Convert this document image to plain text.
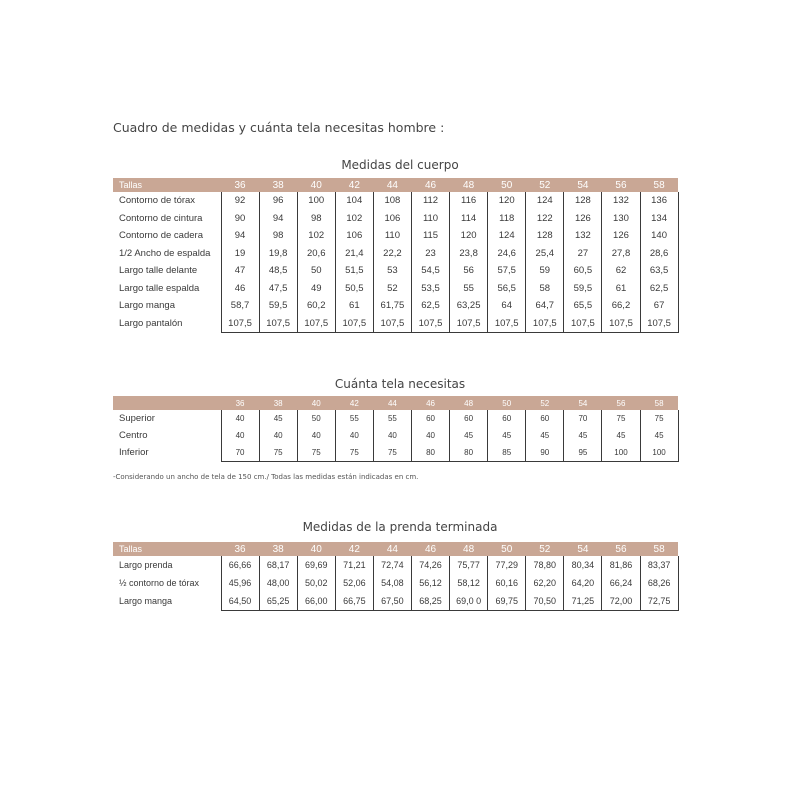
Cuadro de medidas y cuánta tela necesitas hombre :
Medidas del cuerpo
Tallas	36	38	40	42	44	46	48	50	52	54	56	58
Contorno de tórax	92	96	100	104	108	112	116	120	124	128	132	136
Contorno de cintura	90	94	98	102	106	110	114	118	122	126	130	134
Contorno de cadera	94	98	102	106	110	115	120	124	128	132	126	140
1/2 Ancho de espalda	19	19,8	20,6	21,4	22,2	23	23,8	24,6	25,4	27	27,8	28,6
Largo talle delante	47	48,5	50	51,5	53	54,5	56	57,5	59	60,5	62	63,5
Largo talle espalda	46	47,5	49	50,5	52	53,5	55	56,5	58	59,5	61	62,5
Largo manga	58,7	59,5	60,2	61	61,75	62,5	63,25	64	64,7	65,5	66,2	67
Largo pantalón	107,5	107,5	107,5	107,5	107,5	107,5	107,5	107,5	107,5	107,5	107,5	107,5
Cuánta tela necesitas
	36	38	40	42	44	46	48	50	52	54	56	58
Superior	40	45	50	55	55	60	60	60	60	70	75	75
Centro	40	40	40	40	40	40	45	45	45	45	45	45
Inferior	70	75	75	75	75	80	80	85	90	95	100	100
-Considerando un ancho de tela de 150 cm./ Todas las medidas están indicadas en cm.
Medidas de la prenda terminada
Tallas	36	38	40	42	44	46	48	50	52	54	56	58
Largo prenda	66,66	68,17	69,69	71,21	72,74	74,26	75,77	77,29	78,80	80,34	81,86	83,37
½ contorno de tórax	45,96	48,00	50,02	52,06	54,08	56,12	58,12	60,16	62,20	64,20	66,24	68,26
Largo manga	64,50	65,25	66,00	66,75	67,50	68,25	69,0 0	69,75	70,50	71,25	72,00	72,75
